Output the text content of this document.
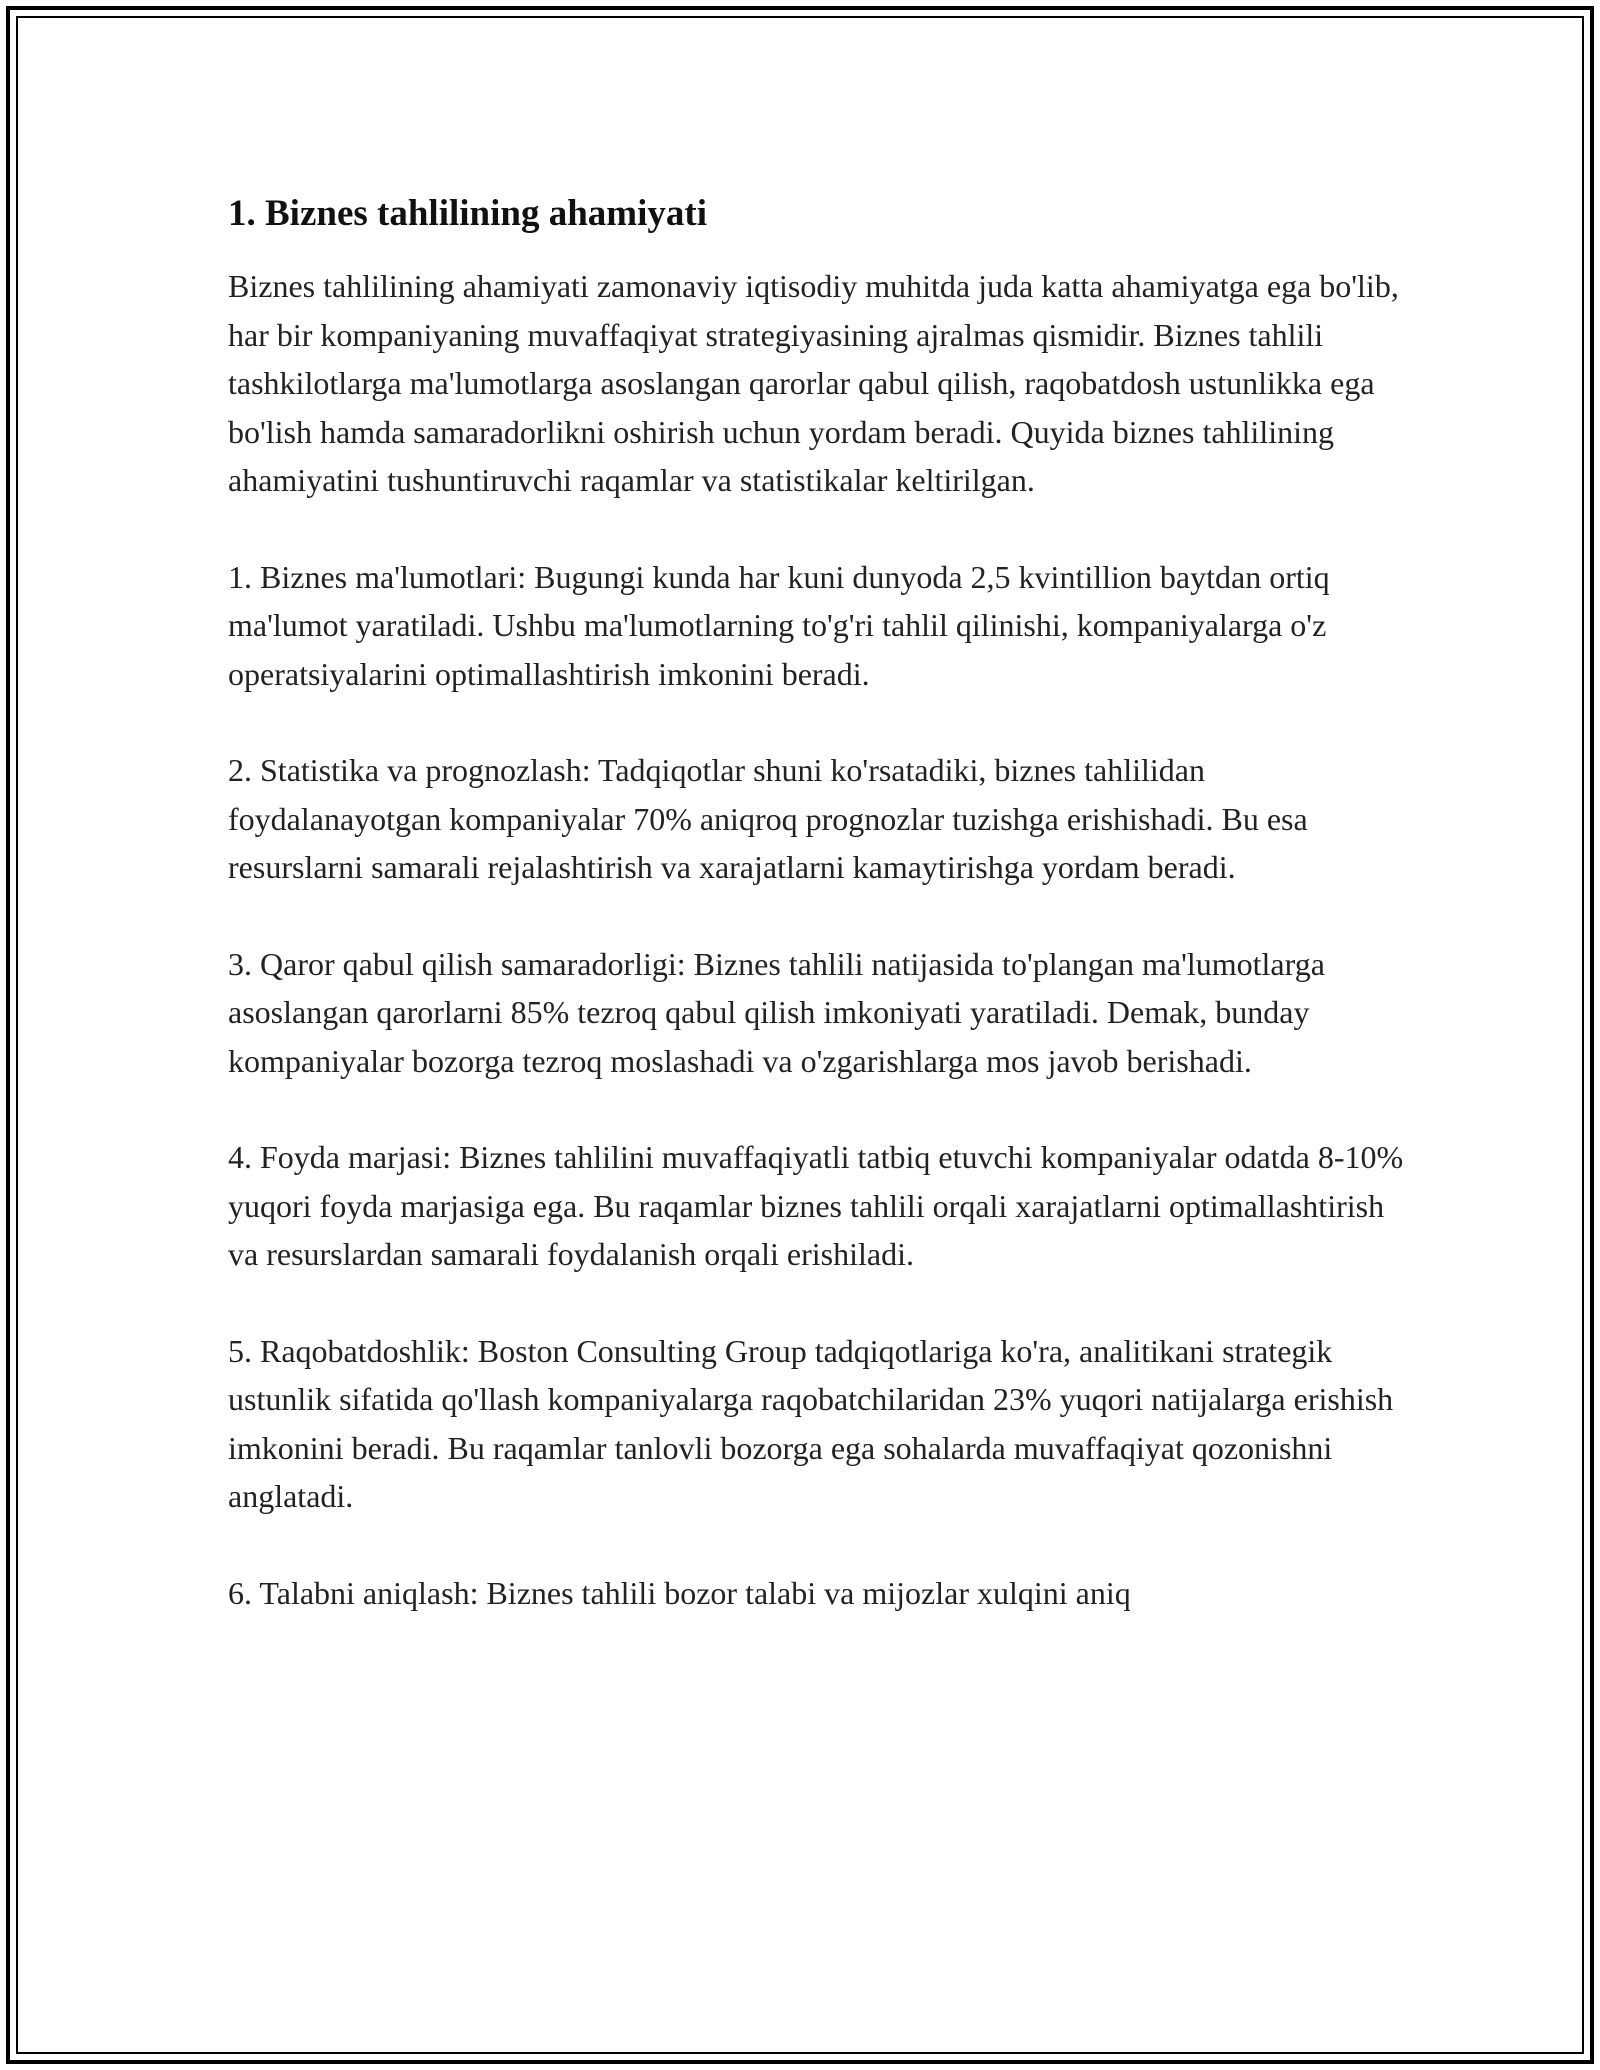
1. Biznes tahlilining ahamiyati

Biznes tahlilining ahamiyati zamonaviy iqtisodiy muhitda juda katta ahamiyatga ega bo'lib, har bir kompaniyaning muvaffaqiyat strategiyasining ajralmas qismidir. Biznes tahlili tashkilotlarga ma'lumotlarga asoslangan qarorlar qabul qilish, raqobatdosh ustunlikka ega bo'lish hamda samaradorlikni oshirish uchun yordam beradi. Quyida biznes tahlilining ahamiyatini tushuntiruvchi raqamlar va statistikalar keltirilgan.

1. Biznes ma'lumotlari: Bugungi kunda har kuni dunyoda 2,5 kvintillion baytdan ortiq ma'lumot yaratiladi. Ushbu ma'lumotlarning to'g'ri tahlil qilinishi, kompaniyalarga o'z operatsiyalarini optimallashtirish imkonini beradi.

2. Statistika va prognozlash: Tadqiqotlar shuni ko'rsatadiki, biznes tahlilidan foydalanayotgan kompaniyalar 70% aniqroq prognozlar tuzishga erishishadi. Bu esa resurslarni samarali rejalashtirish va xarajatlarni kamaytirishga yordam beradi.

3. Qaror qabul qilish samaradorligi: Biznes tahlili natijasida to'plangan ma'lumotlarga asoslangan qarorlarni 85% tezroq qabul qilish imkoniyati yaratiladi. Demak, bunday kompaniyalar bozorga tezroq moslashadi va o'zgarishlarga mos javob berishadi.

4. Foyda marjasi: Biznes tahlilini muvaffaqiyatli tatbiq etuvchi kompaniyalar odatda 8-10% yuqori foyda marjasiga ega. Bu raqamlar biznes tahlili orqali xarajatlarni optimallashtirish va resurslardan samarali foydalanish orqali erishiladi.

5. Raqobatdoshlik: Boston Consulting Group tadqiqotlariga ko'ra, analitikani strategik ustunlik sifatida qo'llash kompaniyalarga raqobatchilaridan 23% yuqori natijalarga erishish imkonini beradi. Bu raqamlar tanlovli bozorga ega sohalarda muvaffaqiyat qozonishni anglatadi.

6. Talabni aniqlash: Biznes tahlili bozor talabi va mijozlar xulqini aniq
